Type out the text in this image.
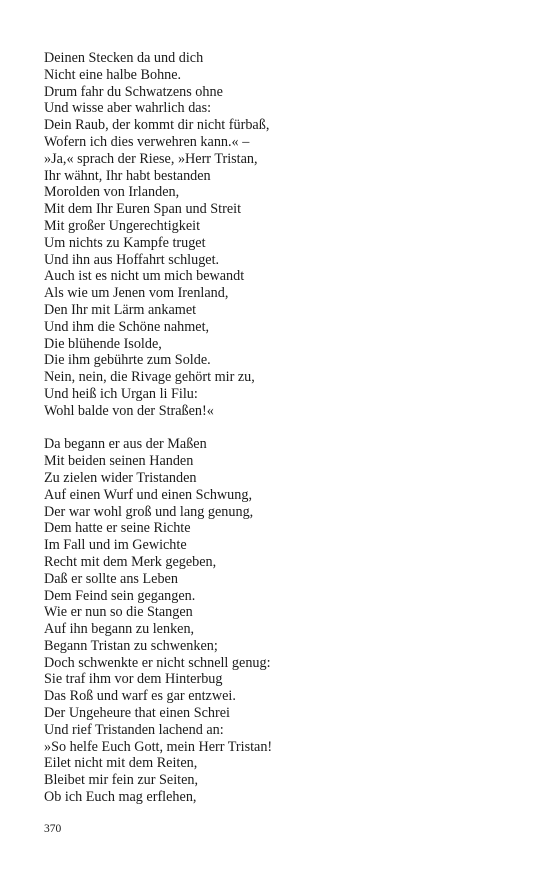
Deinen Stecken da und dich
Nicht eine halbe Bohne.
Drum fahr du Schwatzens ohne
Und wisse aber wahrlich das:
Dein Raub, der kommt dir nicht fürbaß,
Wofern ich dies verwehren kann.« –
»Ja,« sprach der Riese, »Herr Tristan,
Ihr wähnt, Ihr habt bestanden
Morolden von Irlanden,
Mit dem Ihr Euren Span und Streit
Mit großer Ungerechtigkeit
Um nichts zu Kampfe truget
Und ihn aus Hoffahrt schluget.
Auch ist es nicht um mich bewandt
Als wie um Jenen vom Irenland,
Den Ihr mit Lärm ankamet
Und ihm die Schöne nahmet,
Die blühende Isolde,
Die ihm gebührte zum Solde.
Nein, nein, die Rivage gehört mir zu,
Und heiß ich Urgan li Filu:
Wohl balde von der Straßen!«
Da begann er aus der Maßen
Mit beiden seinen Handen
Zu zielen wider Tristanden
Auf einen Wurf und einen Schwung,
Der war wohl groß und lang genung,
Dem hatte er seine Richte
Im Fall und im Gewichte
Recht mit dem Merk gegeben,
Daß er sollte ans Leben
Dem Feind sein gegangen.
Wie er nun so die Stangen
Auf ihn begann zu lenken,
Begann Tristan zu schwenken;
Doch schwenkte er nicht schnell genug:
Sie traf ihm vor dem Hinterbug
Das Roß und warf es gar entzwei.
Der Ungeheure that einen Schrei
Und rief Tristanden lachend an:
»So helfe Euch Gott, mein Herr Tristan!
Eilet nicht mit dem Reiten,
Bleibet mir fein zur Seiten,
Ob ich Euch mag erflehen,
370
